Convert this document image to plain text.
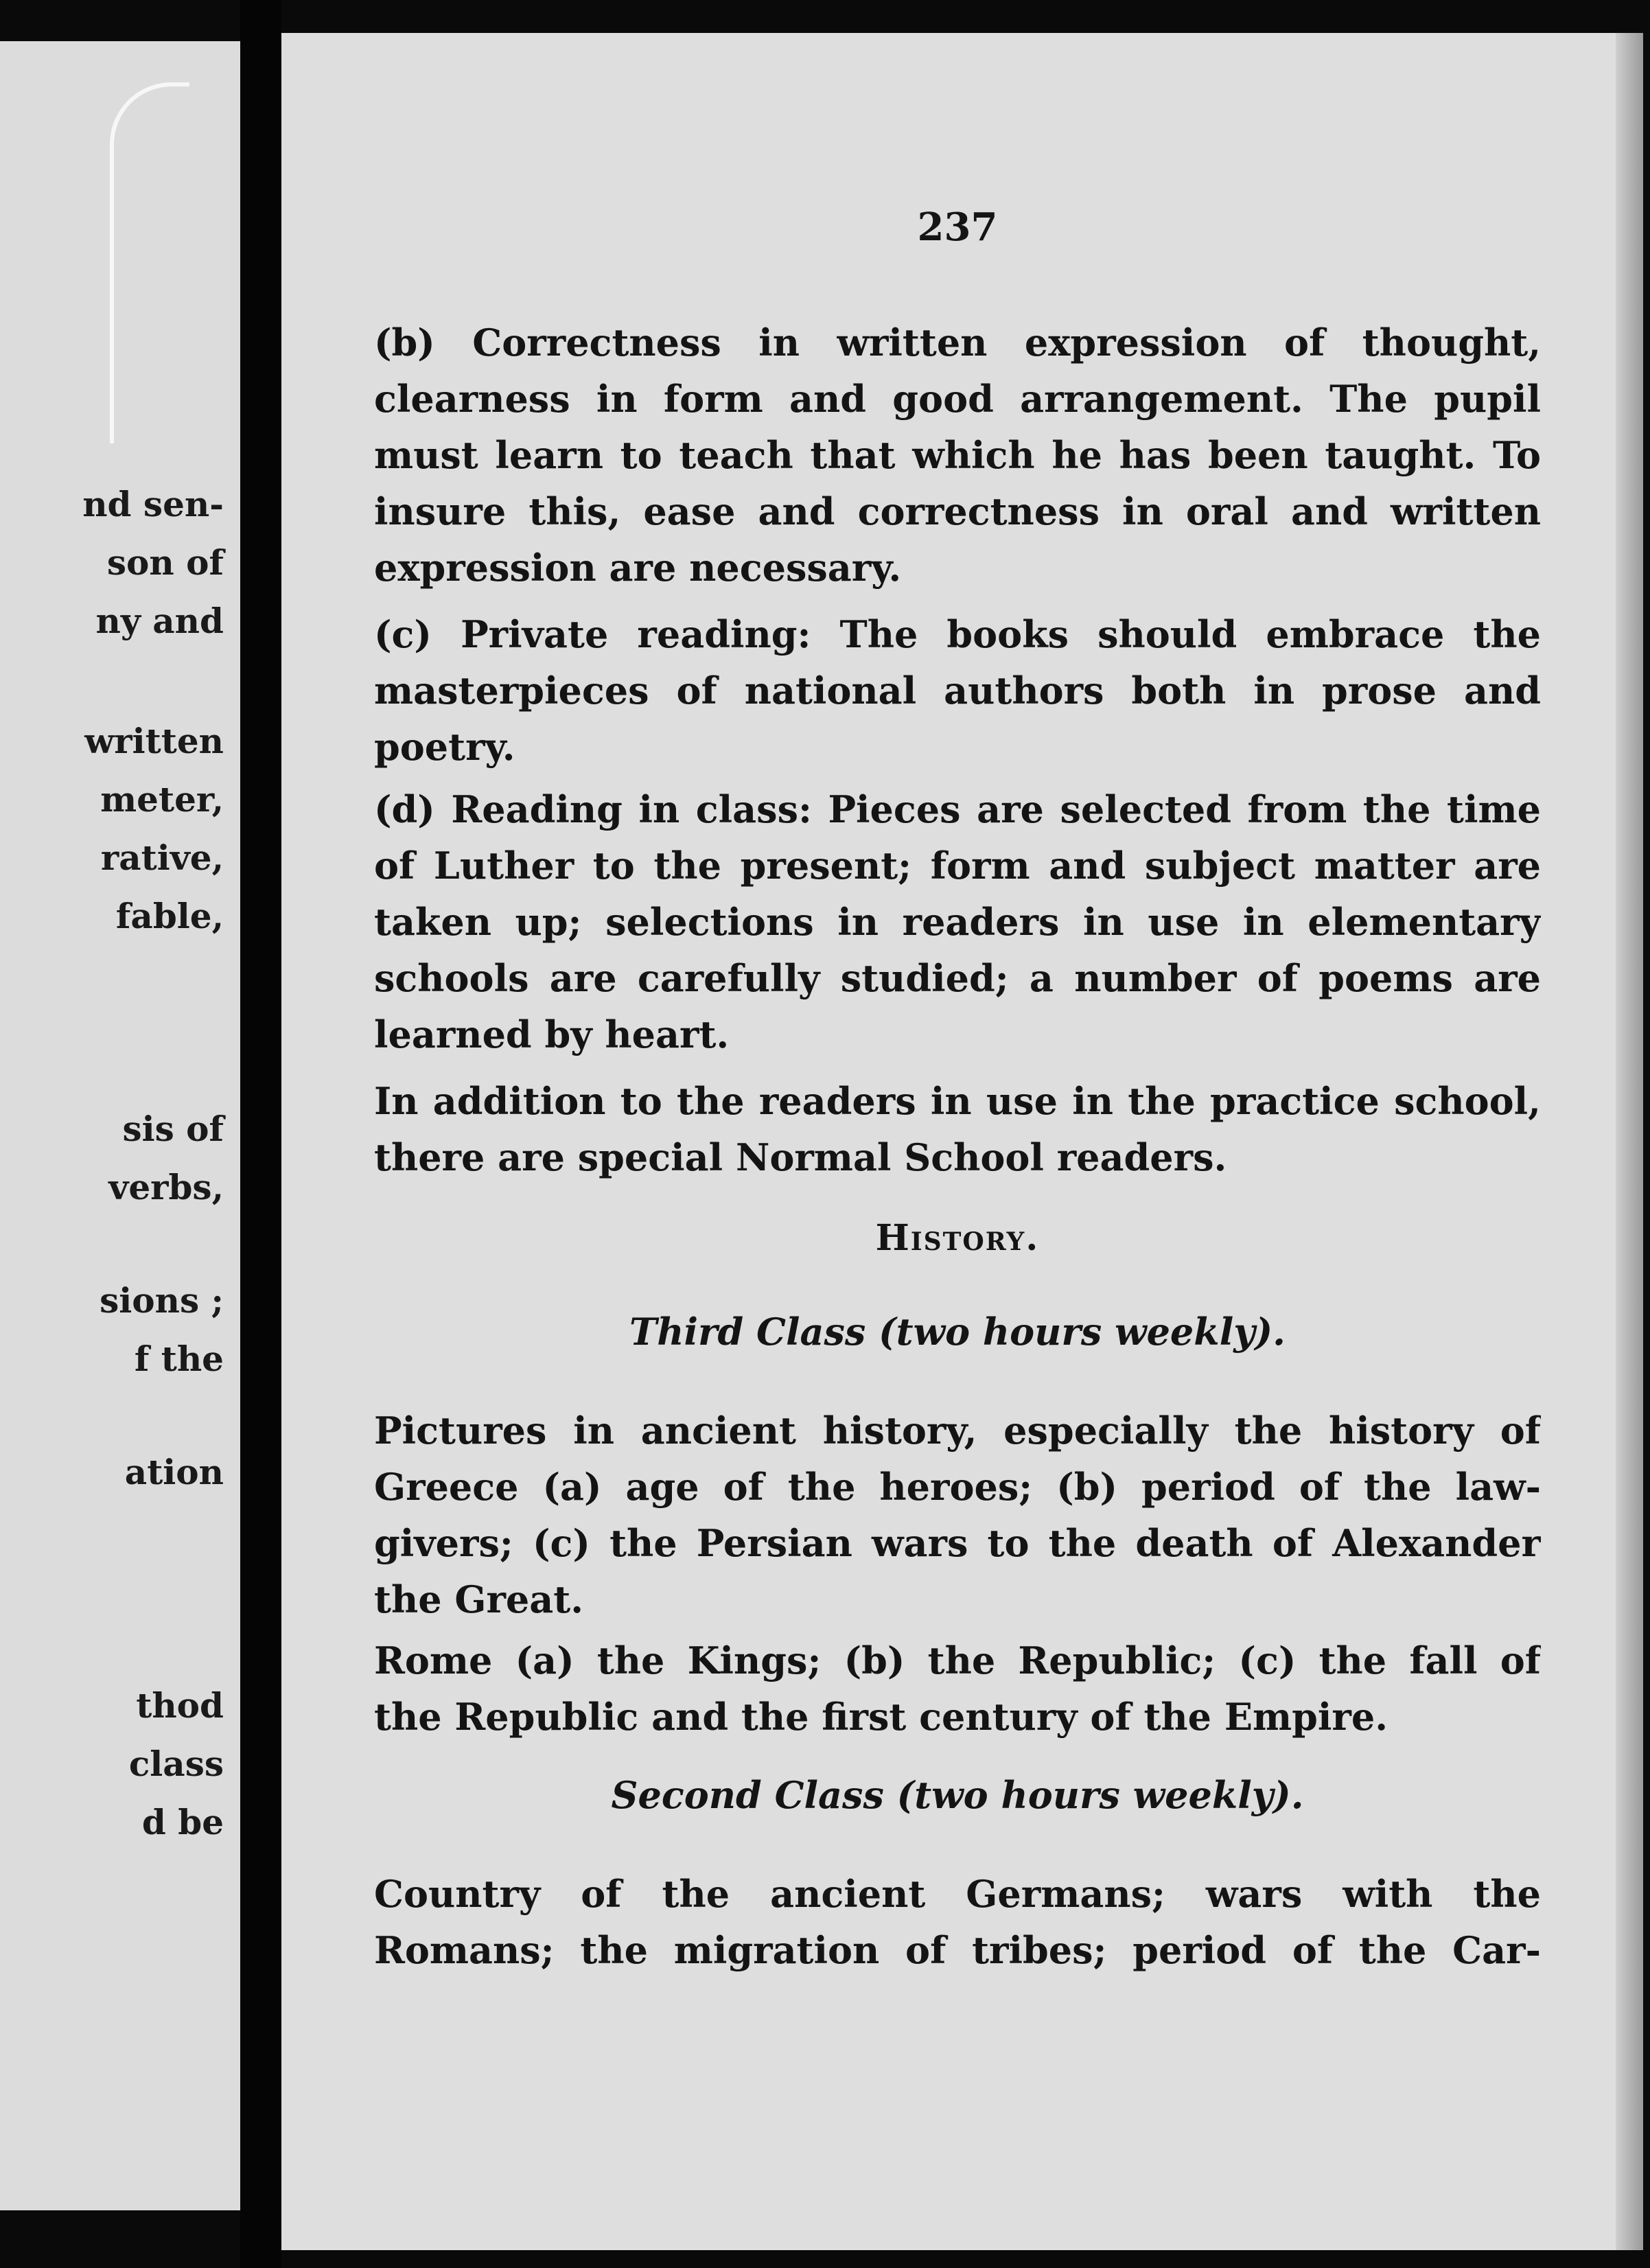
nd sen-
son of
ny and
written
meter,
rative,
fable,
sis of
verbs,
sions ;
f the
ation
thod
class
d be
237
(b) Correctness in written expression of thought,
clearness in form and good arrangement. The pupil
must learn to teach that which he has been taught. To
insure this, ease and correctness in oral and written
expression are necessary.
(c) Private reading: The books should embrace the
masterpieces of national authors both in prose and
poetry.
(d) Reading in class: Pieces are selected from the time
of Luther to the present; form and subject matter are
taken up; selections in readers in use in elementary
schools are carefully studied; a number of poems are
learned by heart.
In addition to the readers in use in the practice school,
there are special Normal School readers.
History.
Third Class (two hours weekly).
Pictures in ancient history, especially the history of
Greece (a) age of the heroes; (b) period of the law-
givers; (c) the Persian wars to the death of Alexander
the Great.
Rome (a) the Kings; (b) the Republic; (c) the fall of
the Republic and the first century of the Empire.
Second Class (two hours weekly).
Country of the ancient Germans; wars with the
Romans; the migration of tribes; period of the Car-
